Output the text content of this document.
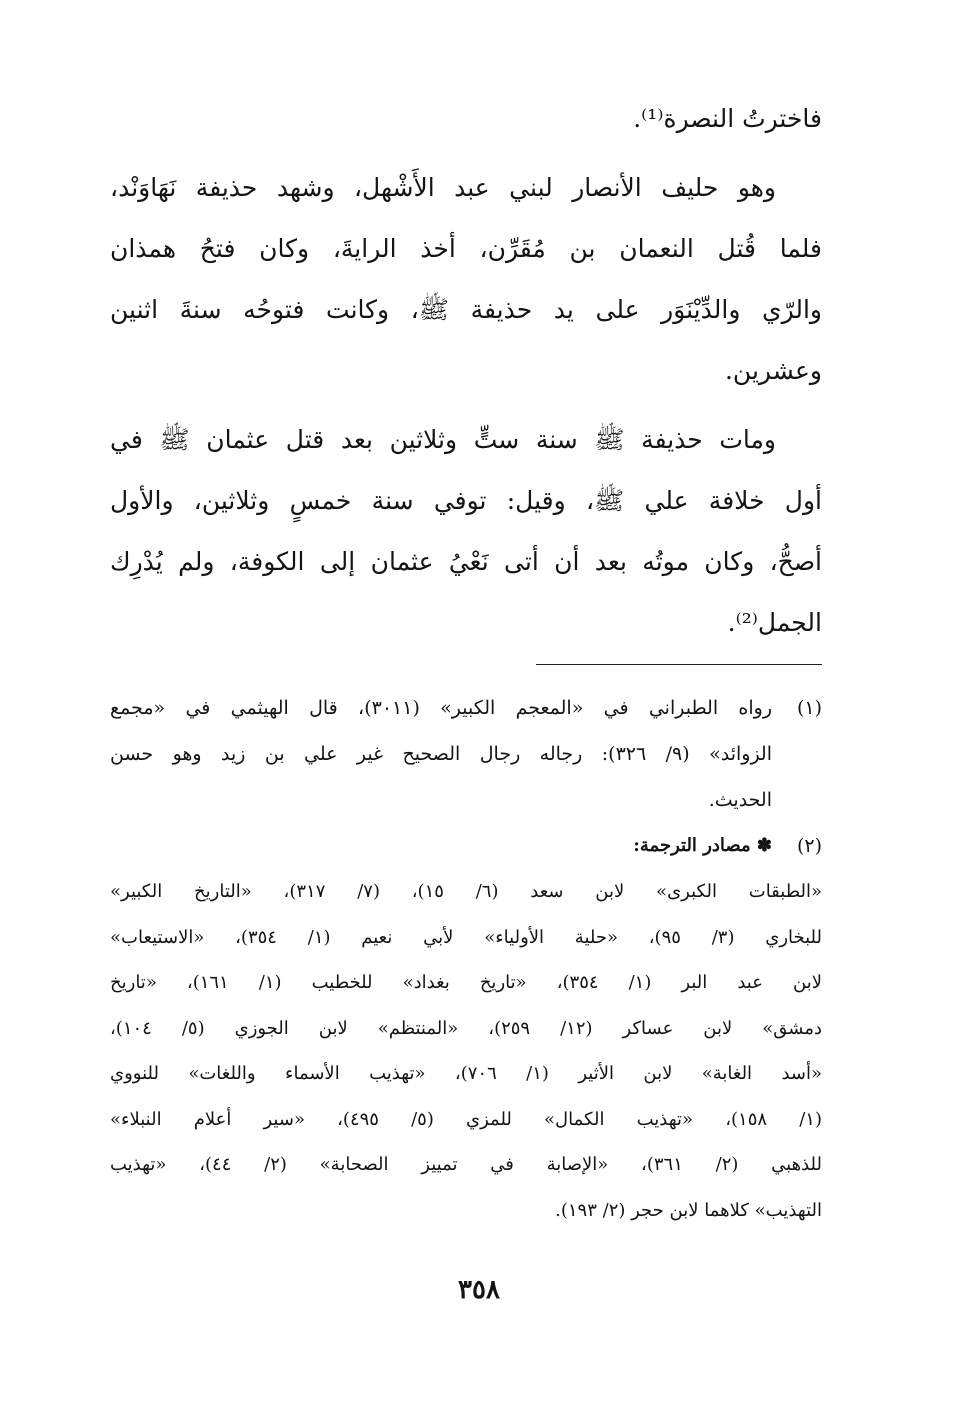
فاخترتُ النصرة⁽¹⁾.
وهو حليف الأنصار لبني عبد الأَشْهل، وشهد حذيفة نَهَاوَنْد،
فلما قُتل النعمان بن مُقَرِّن، أخذ الرايةَ، وكان فتحُ همذان
والرّي والدِّيْنَوَر على يد حذيفة ﷺ، وكانت فتوحُه سنةَ اثنين
وعشرين.
ومات حذيفة ﷺ سنة ستٍّ وثلاثين بعد قتل عثمان ﷺ في
أول خلافة علي ﷺ، وقيل: توفي سنة خمسٍ وثلاثين، والأول
أصحُّ، وكان موتُه بعد أن أتى نَعْيُ عثمان إلى الكوفة، ولم يُدْرِك
الجمل⁽²⁾.
(١)
رواه الطبراني في «المعجم الكبير» (٣٠١١)، قال الهيثمي في «مجمع
الزوائد» (٩/ ٣٢٦): رجاله رجال الصحيح غير علي بن زيد وهو حسن
الحديث.
(٢)
✽ مصادر الترجمة:
«الطبقات الكبرى» لابن سعد (٦/ ١٥)، (٧/ ٣١٧)، «التاريخ الكبير»
للبخاري (٣/ ٩٥)، «حلية الأولياء» لأبي نعيم (١/ ٣٥٤)، «الاستيعاب»
لابن عبد البر (١/ ٣٥٤)، «تاريخ بغداد» للخطيب (١/ ١٦١)، «تاريخ
دمشق» لابن عساكر (١٢/ ٢٥٩)، «المنتظم» لابن الجوزي (٥/ ١٠٤)،
«أسد الغابة» لابن الأثير (١/ ٧٠٦)، «تهذيب الأسماء واللغات» للنووي
(١/ ١٥٨)، «تهذيب الكمال» للمزي (٥/ ٤٩٥)، «سير أعلام النبلاء»
للذهبي (٢/ ٣٦١)، «الإصابة في تمييز الصحابة» (٢/ ٤٤)، «تهذيب
التهذيب» كلاهما لابن حجر (٢/ ١٩٣).
٣٥٨
